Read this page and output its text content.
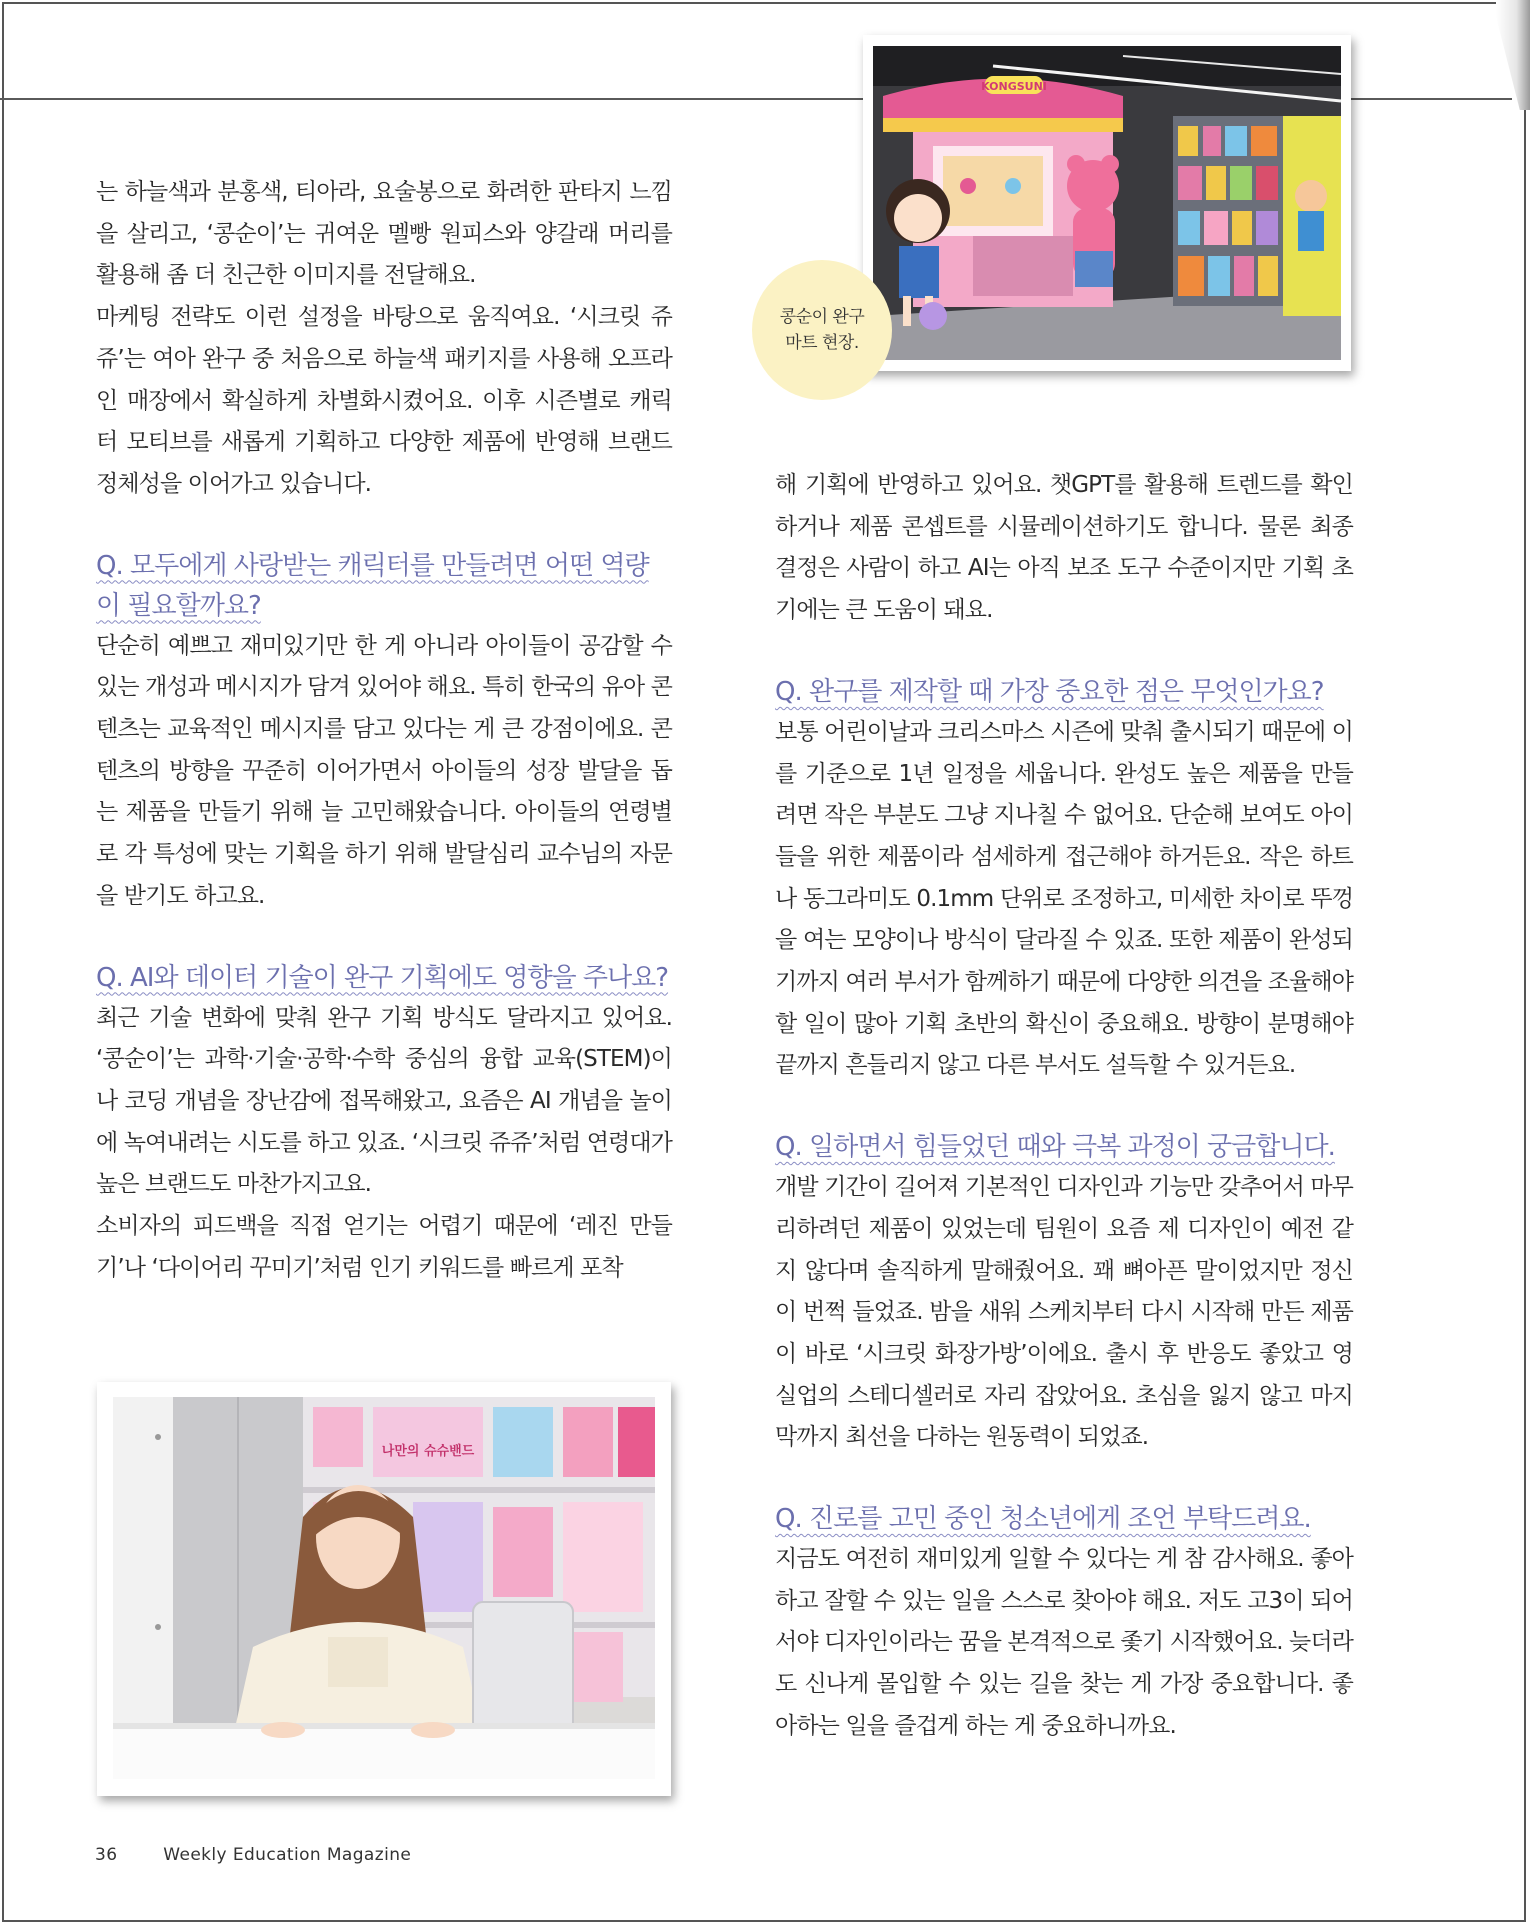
는 하늘색과 분홍색, 티아라, 요술봉으로 화려한 판타지 느낌을 살리고, ‘콩순이’는 귀여운 멜빵 원피스와 양갈래 머리를 활용해 좀 더 친근한 이미지를 전달해요.

마케팅 전략도 이런 설정을 바탕으로 움직여요. ‘시크릿 쥬쥬’는 여아 완구 중 처음으로 하늘색 패키지를 사용해 오프라인 매장에서 확실하게 차별화시켰어요. 이후 시즌별로 캐릭터 모티브를 새롭게 기획하고 다양한 제품에 반영해 브랜드 정체성을 이어가고 있습니다.

Q. 모두에게 사랑받는 캐릭터를 만들려면 어떤 역량이 필요할까요?

단순히 예쁘고 재미있기만 한 게 아니라 아이들이 공감할 수 있는 개성과 메시지가 담겨 있어야 해요. 특히 한국의 유아 콘텐츠는 교육적인 메시지를 담고 있다는 게 큰 강점이에요. 콘텐츠의 방향을 꾸준히 이어가면서 아이들의 성장 발달을 돕는 제품을 만들기 위해 늘 고민해왔습니다. 아이들의 연령별로 각 특성에 맞는 기획을 하기 위해 발달심리 교수님의 자문을 받기도 하고요.

Q. AI와 데이터 기술이 완구 기획에도 영향을 주나요?

최근 기술 변화에 맞춰 완구 기획 방식도 달라지고 있어요. ‘콩순이’는 과학·기술·공학·수학 중심의 융합 교육(STEM)이나 코딩 개념을 장난감에 접목해왔고, 요즘은 AI 개념을 놀이에 녹여내려는 시도를 하고 있죠. ‘시크릿 쥬쥬’처럼 연령대가 높은 브랜드도 마찬가지고요.

소비자의 피드백을 직접 얻기는 어렵기 때문에 ‘레진 만들기’나 ‘다이어리 꾸미기’처럼 인기 키워드를 빠르게 포착

해 기획에 반영하고 있어요. 챗GPT를 활용해 트렌드를 확인하거나 제품 콘셉트를 시뮬레이션하기도 합니다. 물론 최종 결정은 사람이 하고 AI는 아직 보조 도구 수준이지만 기획 초기에는 큰 도움이 돼요.

Q. 완구를 제작할 때 가장 중요한 점은 무엇인가요?

보통 어린이날과 크리스마스 시즌에 맞춰 출시되기 때문에 이를 기준으로 1년 일정을 세웁니다. 완성도 높은 제품을 만들려면 작은 부분도 그냥 지나칠 수 없어요. 단순해 보여도 아이들을 위한 제품이라 섬세하게 접근해야 하거든요. 작은 하트나 동그라미도 0.1mm 단위로 조정하고, 미세한 차이로 뚜껑을 여는 모양이나 방식이 달라질 수 있죠. 또한 제품이 완성되기까지 여러 부서가 함께하기 때문에 다양한 의견을 조율해야 할 일이 많아 기획 초반의 확신이 중요해요. 방향이 분명해야 끝까지 흔들리지 않고 다른 부서도 설득할 수 있거든요.

Q. 일하면서 힘들었던 때와 극복 과정이 궁금합니다.

개발 기간이 길어져 기본적인 디자인과 기능만 갖추어서 마무리하려던 제품이 있었는데 팀원이 요즘 제 디자인이 예전 같지 않다며 솔직하게 말해줬어요. 꽤 뼈아픈 말이었지만 정신이 번쩍 들었죠. 밤을 새워 스케치부터 다시 시작해 만든 제품이 바로 ‘시크릿 화장가방’이에요. 출시 후 반응도 좋았고 영실업의 스테디셀러로 자리 잡았어요. 초심을 잃지 않고 마지막까지 최선을 다하는 원동력이 되었죠.

Q. 진로를 고민 중인 청소년에게 조언 부탁드려요.

지금도 여전히 재미있게 일할 수 있다는 게 참 감사해요. 좋아하고 잘할 수 있는 일을 스스로 찾아야 해요. 저도 고3이 되어서야 디자인이라는 꿈을 본격적으로 좇기 시작했어요. 늦더라도 신나게 몰입할 수 있는 길을 찾는 게 가장 중요합니다. 좋아하는 일을 즐겁게 하는 게 중요하니까요.

KONGSUNI
콩순이 완구
마트 현장.
나만의 슈슈밴드
36	Weekly Education Magazine
